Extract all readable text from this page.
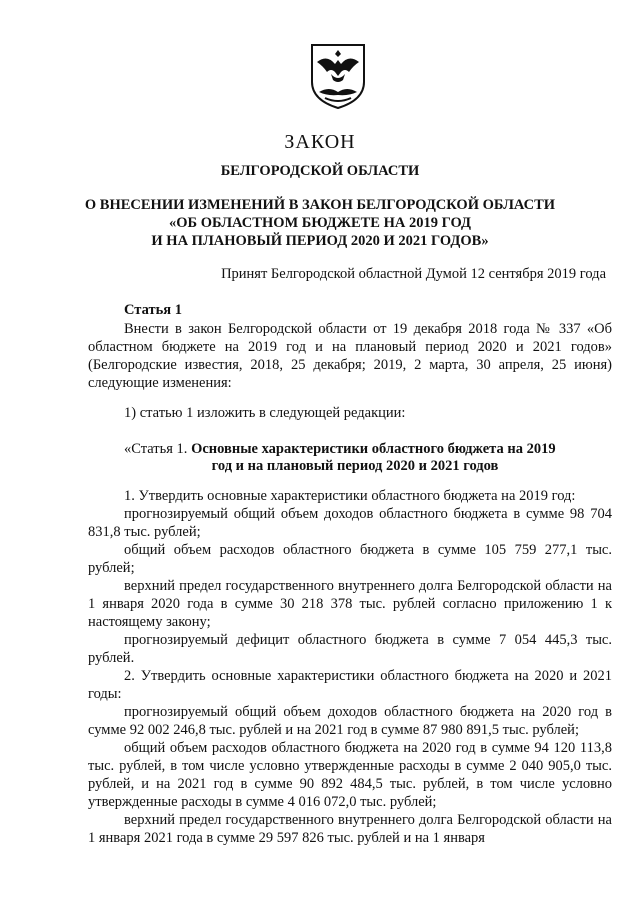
ЗАКОН
БЕЛГОРОДСКОЙ ОБЛАСТИ
О ВНЕСЕНИИ ИЗМЕНЕНИЙ В ЗАКОН БЕЛГОРОДСКОЙ ОБЛАСТИ
«ОБ ОБЛАСТНОМ БЮДЖЕТЕ НА 2019 ГОД
И НА ПЛАНОВЫЙ ПЕРИОД 2020 И 2021 ГОДОВ»
Принят Белгородской областной Думой 12 сентября 2019 года
Статья 1
Внести в закон Белгородской области от 19 декабря 2018 года № 337 «Об областном бюджете на 2019 год и на плановый период 2020 и 2021 годов» (Белгородские известия, 2018, 25 декабря; 2019, 2 марта, 30 апреля, 25 июня) следующие изменения:
1) статью 1 изложить в следующей редакции:
«Статья 1. Основные характеристики областного бюджета на 2019
год и на плановый период 2020 и 2021 годов
1. Утвердить основные характеристики областного бюджета на 2019 год:
прогнозируемый общий объем доходов областного бюджета в сумме 98 704 831,8 тыс. рублей;
общий объем расходов областного бюджета в сумме 105 759 277,1 тыс. рублей;
верхний предел государственного внутреннего долга Белгородской области на 1 января 2020 года в сумме 30 218 378 тыс. рублей согласно приложению 1 к настоящему закону;
прогнозируемый дефицит областного бюджета в сумме 7 054 445,3 тыс. рублей.
2. Утвердить основные характеристики областного бюджета на 2020 и 2021 годы:
прогнозируемый общий объем доходов областного бюджета на 2020 год в сумме 92 002 246,8 тыс. рублей и на 2021 год в сумме 87 980 891,5 тыс. рублей;
общий объем расходов областного бюджета на 2020 год в сумме 94 120 113,8 тыс. рублей, в том числе условно утвержденные расходы в сумме 2 040 905,0 тыс. рублей, и на 2021 год в сумме 90 892 484,5 тыс. рублей, в том числе условно утвержденные расходы в сумме 4 016 072,0 тыс. рублей;
верхний предел государственного внутреннего долга Белгородской области на 1 января 2021 года в сумме 29 597 826 тыс. рублей и на 1 января
